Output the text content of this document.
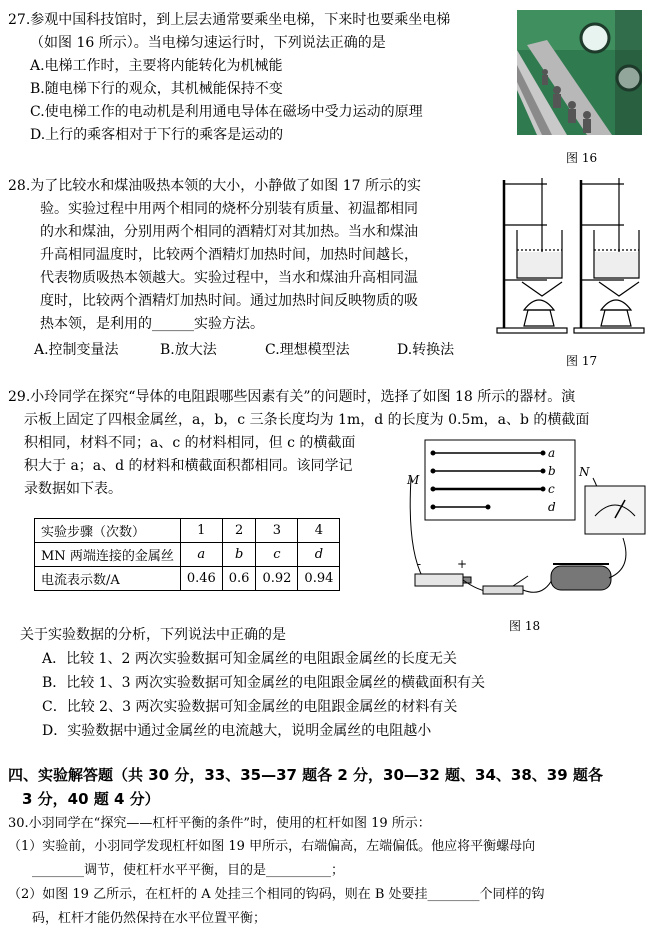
27.参观中国科技馆时，到上层去通常要乘坐电梯，下来时也要乘坐电梯
（如图 16 所示）。当电梯匀速运行时，下列说法正确的是
A.电梯工作时，主要将内能转化为机械能
B.随电梯下行的观众，其机械能保持不变
C.使电梯工作的电动机是利用通电导体在磁场中受力运动的原理
D.上行的乘客相对于下行的乘客是运动的
图 16
28.为了比较水和煤油吸热本领的大小，小静做了如图 17 所示的实
验。实验过程中用两个相同的烧杯分别装有质量、初温都相同
的水和煤油，分别用两个相同的酒精灯对其加热。当水和煤油
升高相同温度时，比较两个酒精灯加热时间，加热时间越长，
代表物质吸热本领越大。实验过程中，当水和煤油升高相同温
度时，比较两个酒精灯加热时间。通过加热时间反映物质的吸
热本领，是利用的______实验方法。
A.控制变量法	B.放大法	C.理想模型法	D.转换法
图 17
29.小玲同学在探究“导体的电阻跟哪些因素有关”的问题时，选择了如图 18 所示的器材。演
示板上固定了四根金属丝，a，b，c 三条长度均为 1m，d 的长度为 0.5m，a、b 的横截面
积相同，材料不同；a、c 的材料相同，但 c 的横截面
积大于 a；a、d 的材料和横截面积都相同。该同学记
录数据如下表。
实验步骤（次数）	1	2	3	4
MN 两端连接的金属丝	a	b	c	d
电流表示数/A	0.46	0.6	0.92	0.94
a
b
c
d
M
N
-	+
图 18
关于实验数据的分析，下列说法中正确的是
A．比较 1、2 两次实验数据可知金属丝的电阻跟金属丝的长度无关
B．比较 1、3 两次实验数据可知金属丝的电阻跟金属丝的横截面积有关
C．比较 2、3 两次实验数据可知金属丝的电阻跟金属丝的材料有关
D．实验数据中通过金属丝的电流越大，说明金属丝的电阻越小
四、实验解答题（共 30 分，33、35—37 题各 2 分，30—32 题、34、38、39 题各
3 分，40 题 4 分）
30.小羽同学在“探究——杠杆平衡的条件”时，使用的杠杆如图 19 所示：
（1）实验前，小羽同学发现杠杆如图 19 甲所示，右端偏高，左端偏低。他应将平衡螺母向
________调节，使杠杆水平平衡，目的是__________；
（2）如图 19 乙所示，在杠杆的 A 处挂三个相同的钩码，则在 B 处要挂________个同样的钩
码，杠杆才能仍然保持在水平位置平衡；
